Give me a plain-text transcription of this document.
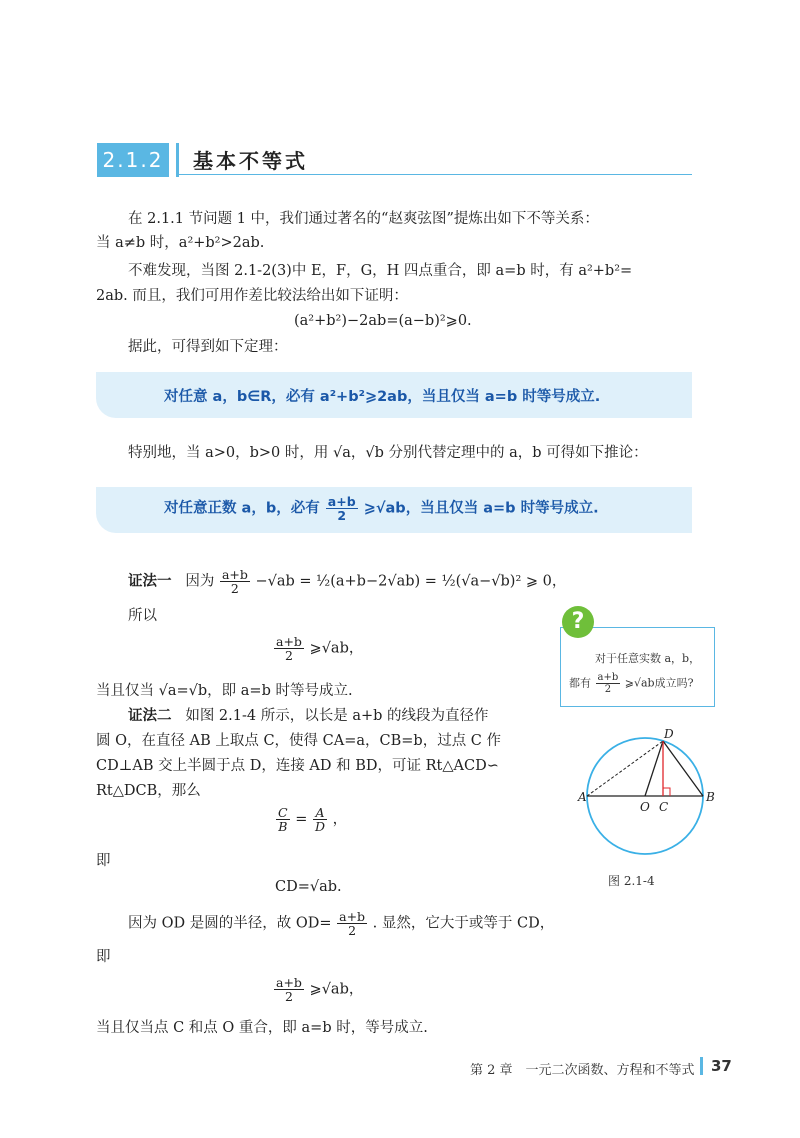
2.1.2 基本不等式
在 2.1.1 节问题 1 中，我们通过著名的“赵爽弦图”提炼出如下不等关系：
当 a≠b 时，a²+b²>2ab.
不难发现，当图 2.1-2(3)中 E，F，G，H 四点重合，即 a=b 时，有 a²+b²=
2ab. 而且，我们可用作差比较法给出如下证明：
(a²+b²)−2ab=(a−b)²⩾0.
据此，可得到如下定理：
对任意 a，b∈R，必有 a²+b²⩾2ab，当且仅当 a=b 时等号成立.
特别地，当 a>0，b>0 时，用 √a，√b 分别代替定理中的 a，b 可得如下推论：
对任意正数 a，b，必有 $\frac{a+b}{2}$ ⩾√ab，当且仅当 a=b 时等号成立.
证法一 因为 $\frac{a+b}{2} -√ab$ = ½(a+b−2√ab) = ½(√a−√b)² ⩾ 0，
所以
$\frac{a+b}{2}$ ⩾√ab，
当且仅当 √a=√b，即 a=b 时等号成立.
对于任意实数 a，b，
都有 $\frac{a+b}{2}$ ⩾√ab成立吗?
?
证法二 如图 2.1-4 所示，以长是 a+b 的线段为直径作
圆 O，在直径 AB 上取点 C，使得 CA=a，CB=b，过点 C 作
CD⊥AB 交上半圆于点 D，连接 AD 和 BD，可证 Rt△ACD∽
Rt△DCB，那么
$\frac{C}{B} = \frac{A}{D}$ ，
即
CD=√ab.
因为 OD 是圆的半径，故 $OD= \frac{a+b}{2}$ . 显然，它大于或等于 CD，
即
$\frac{a+b}{2}$ ⩾√ab，
当且仅当点 C 和点 O 重合，即 a=b 时，等号成立.
A	B
O C
D
图 2.1-4
第 2 章　一元二次函数、方程和不等式 37
